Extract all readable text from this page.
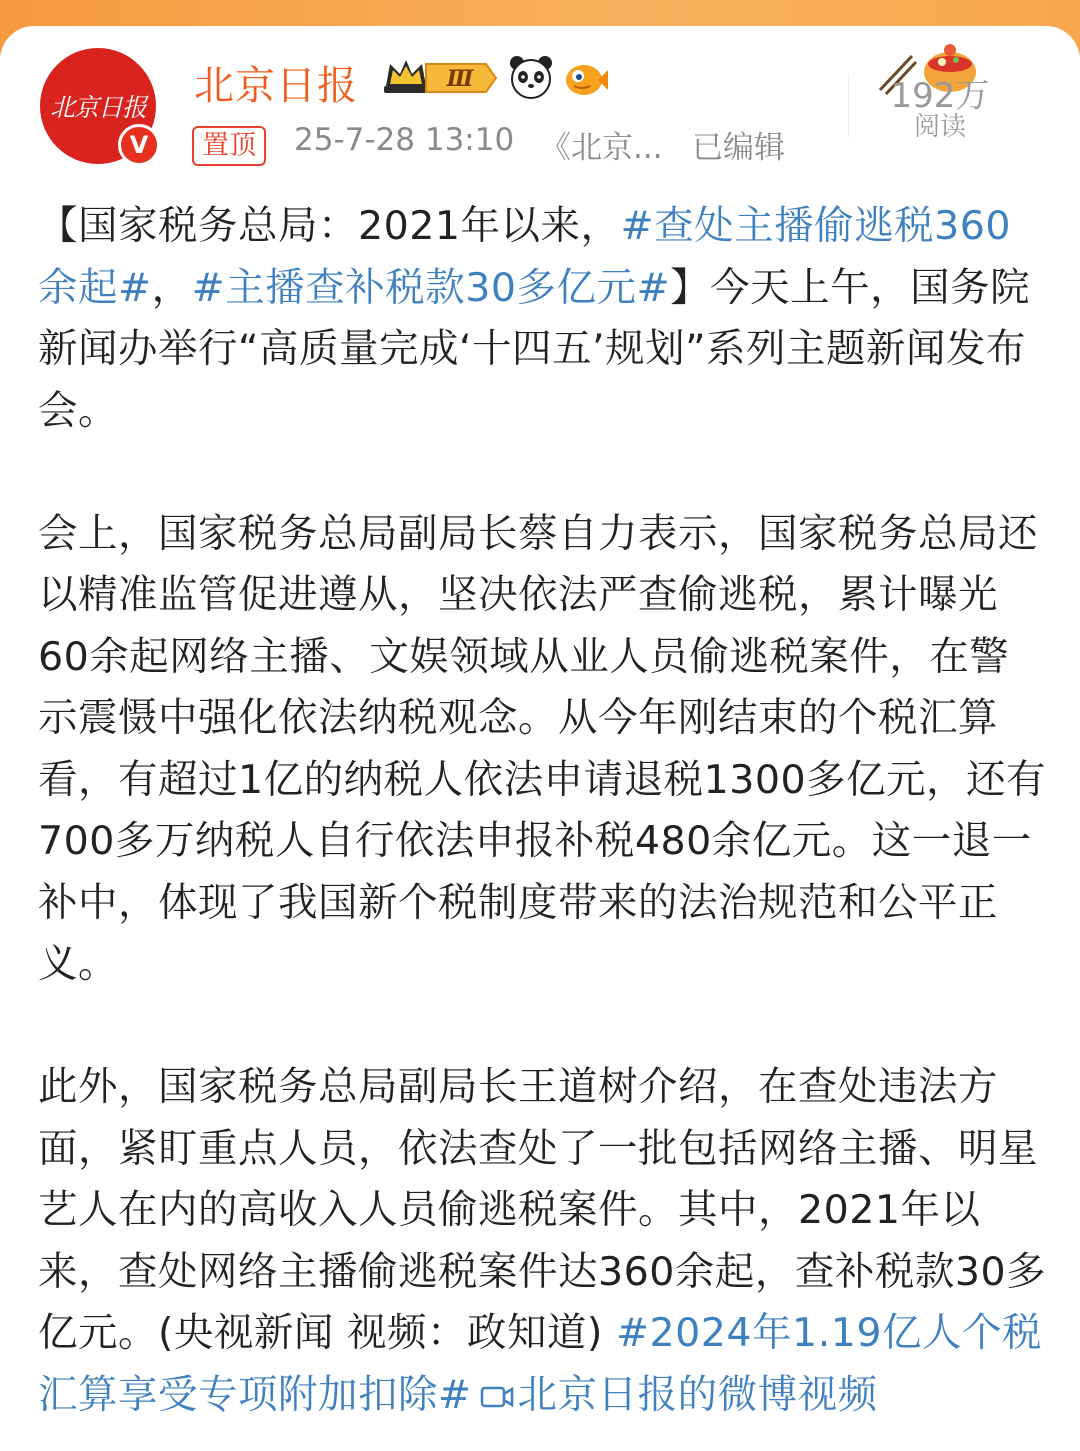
北京日报
V
北京日报	Ⅲ
置顶	25-7-28 13:10 《北京... 已编辑
192万
阅读

【国家税务总局：2021年以来，#查处主播偷逃税360余起#，#主播查补税款30多亿元#】今天上午，国务院新闻办举行“高质量完成‘十四五’规划”系列主题新闻发布会。

会上，国家税务总局副局长蔡自力表示，国家税务总局还以精准监管促进遵从，坚决依法严查偷逃税，累计曝光60余起网络主播、文娱领域从业人员偷逃税案件，在警示震慑中强化依法纳税观念。从今年刚结束的个税汇算看，有超过1亿的纳税人依法申请退税1300多亿元，还有700多万纳税人自行依法申报补税480余亿元。这一退一补中，体现了我国新个税制度带来的法治规范和公平正义。

此外，国家税务总局副局长王道树介绍，在查处违法方面，紧盯重点人员，依法查处了一批包括网络主播、明星艺人在内的高收入人员偷逃税案件。其中，2021年以来，查处网络主播偷逃税案件达360余起，查补税款30多亿元。(央视新闻 视频：政知道) #2024年1.19亿人个税汇算享受专项附加扣除# 北京日报的微博视频
